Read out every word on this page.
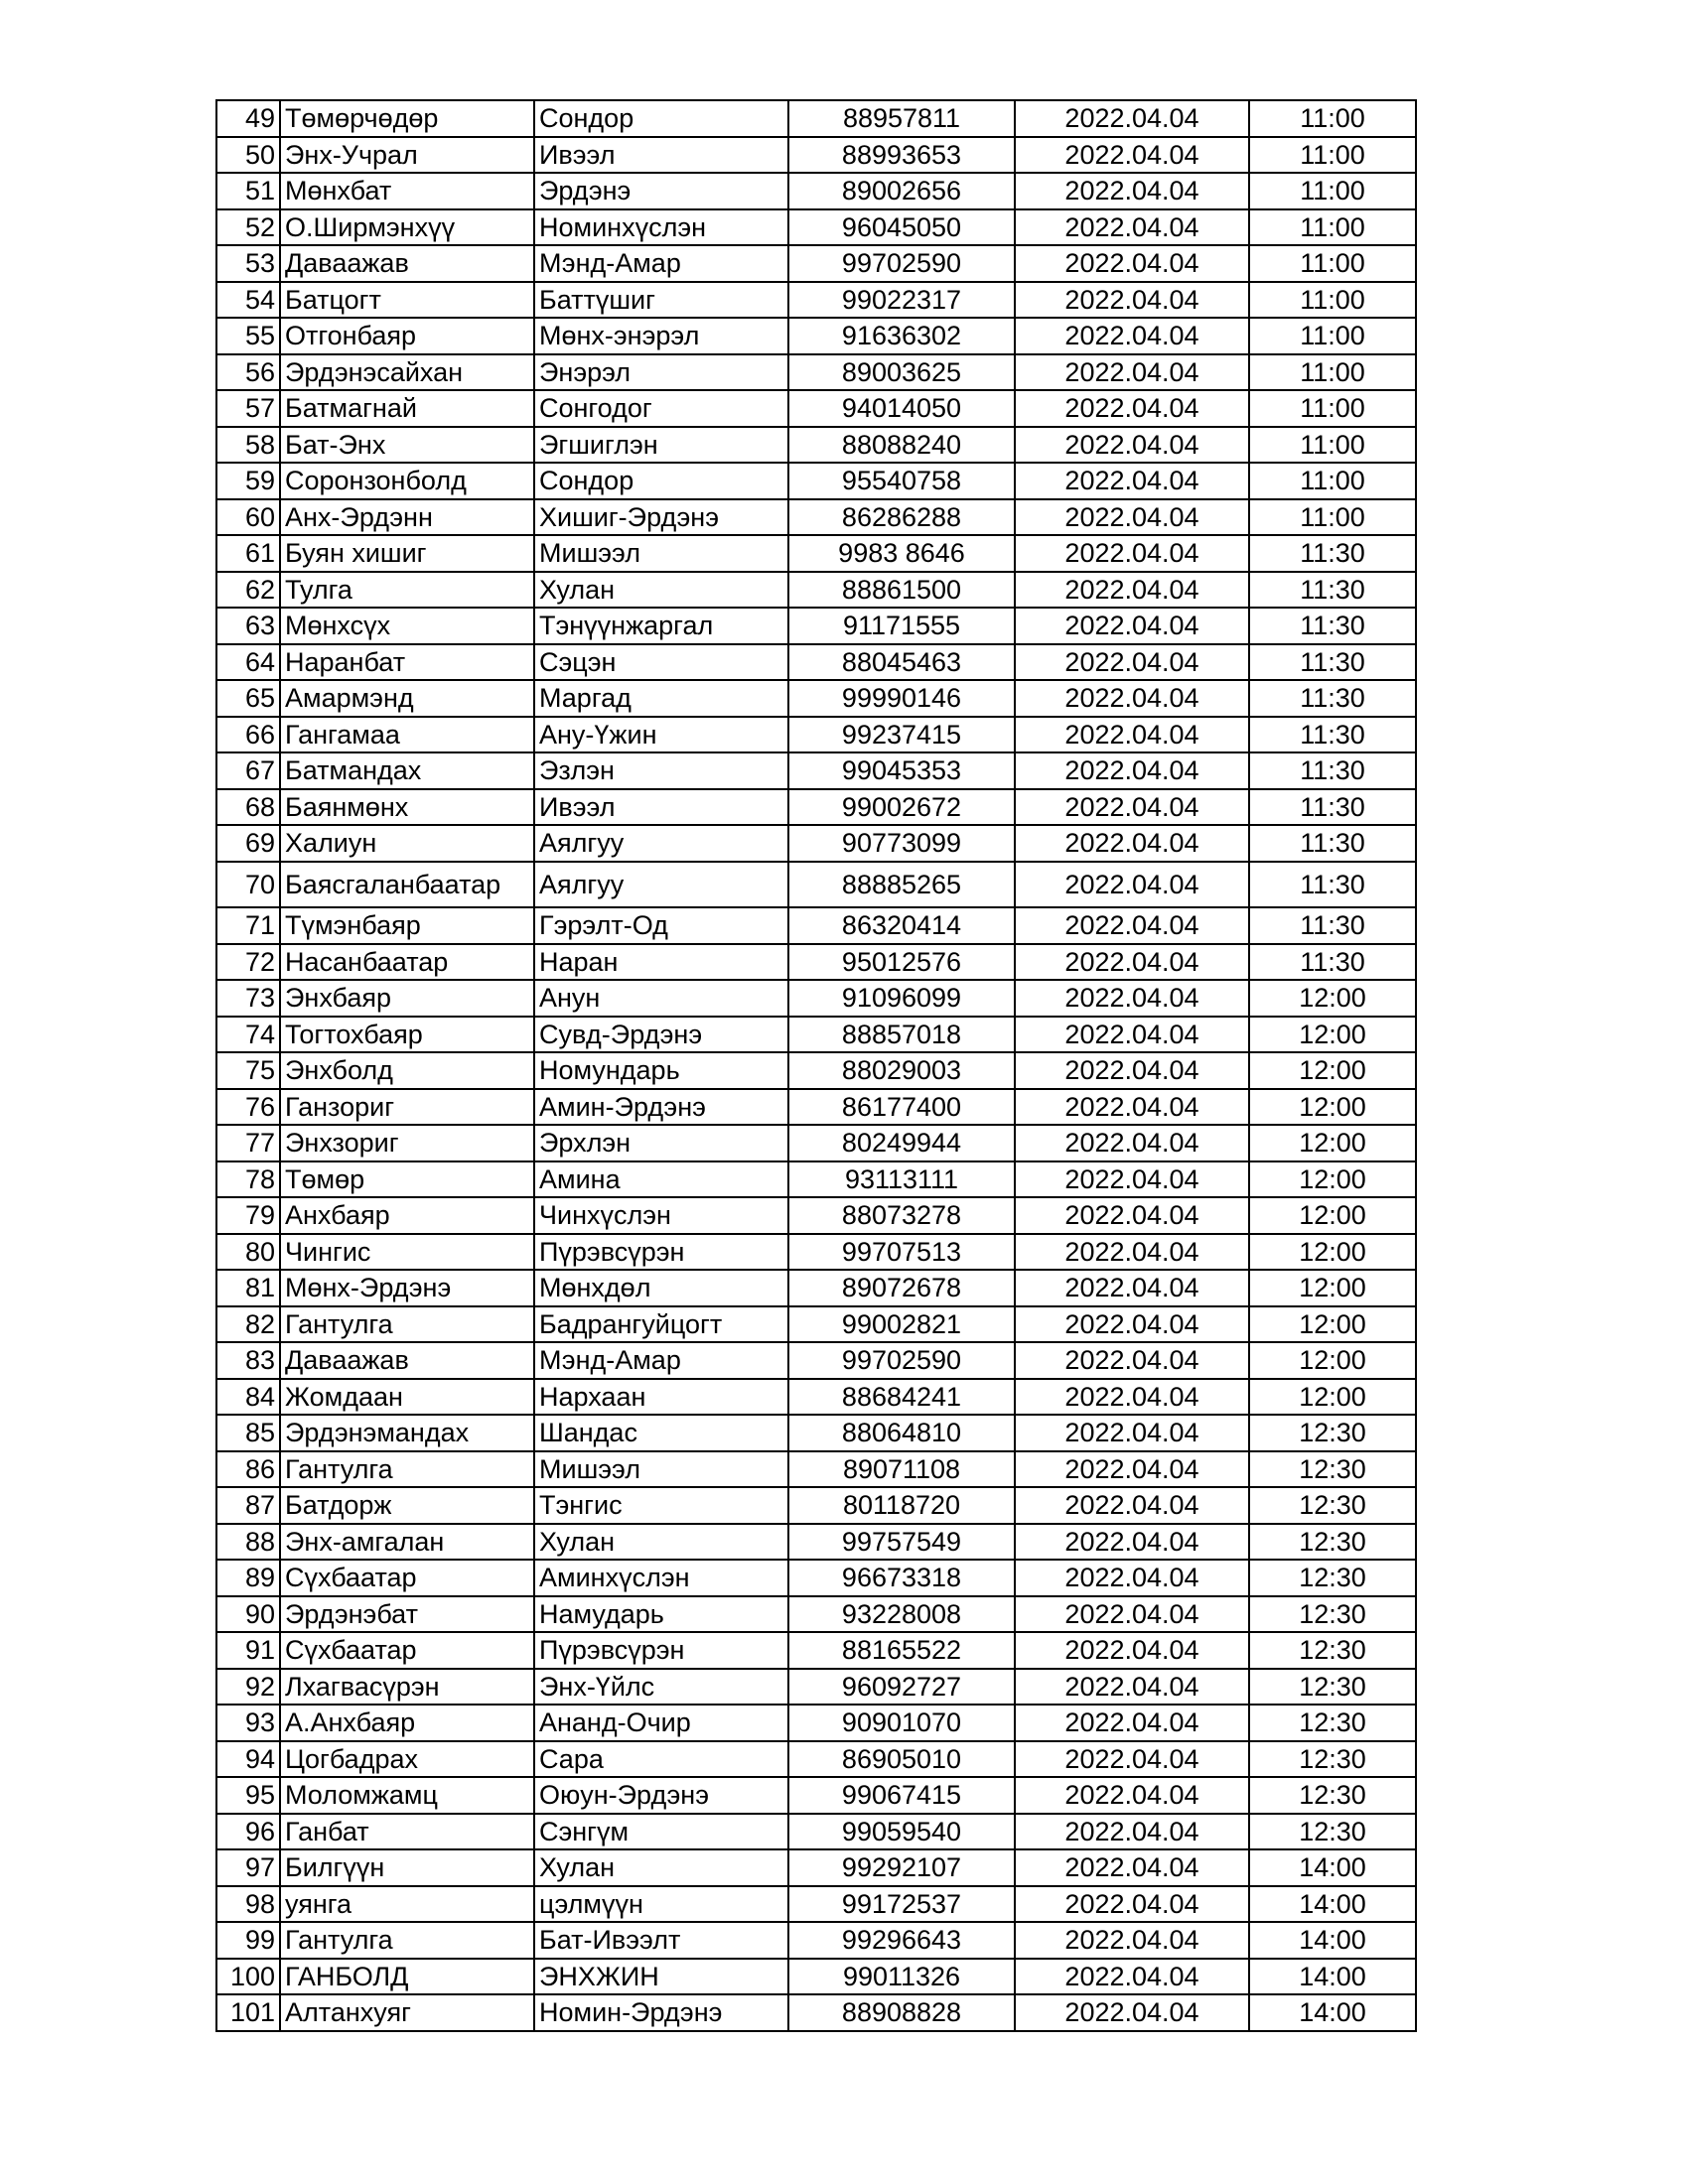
49	Төмөрчөдөр	Сондор	88957811	2022.04.04	11:00
50	Энх-Учрал	Ивээл	88993653	2022.04.04	11:00
51	Мөнхбат	Эрдэнэ	89002656	2022.04.04	11:00
52	О.Ширмэнхүү	Номинхүслэн	96045050	2022.04.04	11:00
53	Даваажав	Мэнд-Амар	99702590	2022.04.04	11:00
54	Батцогт	Баттүшиг	99022317	2022.04.04	11:00
55	Отгонбаяр	Мөнх-энэрэл	91636302	2022.04.04	11:00
56	Эрдэнэсайхан	Энэрэл	89003625	2022.04.04	11:00
57	Батмагнай	Сонгодог	94014050	2022.04.04	11:00
58	Бат-Энх	Эгшиглэн	88088240	2022.04.04	11:00
59	Соронзонболд	Сондор	95540758	2022.04.04	11:00
60	Анх-Эрдэнн	Хишиг-Эрдэнэ	86286288	2022.04.04	11:00
61	Буян хишиг	Мишээл	9983 8646	2022.04.04	11:30
62	Тулга	Хулан	88861500	2022.04.04	11:30
63	Мөнхсүх	Тэнүүнжаргал	91171555	2022.04.04	11:30
64	Наранбат	Сэцэн	88045463	2022.04.04	11:30
65	Амармэнд	Маргад	99990146	2022.04.04	11:30
66	Гангамаа	Ану-Үжин	99237415	2022.04.04	11:30
67	Батмандах	Эзлэн	99045353	2022.04.04	11:30
68	Баянмөнх	Ивээл	99002672	2022.04.04	11:30
69	Халиун	Аялгуу	90773099	2022.04.04	11:30
70	Баясгаланбаатар	Аялгуу	88885265	2022.04.04	11:30
71	Түмэнбаяр	Гэрэлт-Од	86320414	2022.04.04	11:30
72	Насанбаатар	Наран	95012576	2022.04.04	11:30
73	Энхбаяр	Анун	91096099	2022.04.04	12:00
74	Тогтохбаяр	Сувд-Эрдэнэ	88857018	2022.04.04	12:00
75	Энхболд	Номундарь	88029003	2022.04.04	12:00
76	Ганзориг	Амин-Эрдэнэ	86177400	2022.04.04	12:00
77	Энхзориг	Эрхлэн	80249944	2022.04.04	12:00
78	Төмөр	Амина	93113111	2022.04.04	12:00
79	Анхбаяр	Чинхүслэн	88073278	2022.04.04	12:00
80	Чингис	Пүрэвсүрэн	99707513	2022.04.04	12:00
81	Мөнх-Эрдэнэ	Мөнхдөл	89072678	2022.04.04	12:00
82	Гантулга	Бадрангуйцогт	99002821	2022.04.04	12:00
83	Даваажав	Мэнд-Амар	99702590	2022.04.04	12:00
84	Жомдаан	Нархаан	88684241	2022.04.04	12:00
85	Эрдэнэмандах	Шандас	88064810	2022.04.04	12:30
86	Гантулга	Мишээл	89071108	2022.04.04	12:30
87	Батдорж	Тэнгис	80118720	2022.04.04	12:30
88	Энх-амгалан	Хулан	99757549	2022.04.04	12:30
89	Сүхбаатар	Аминхүслэн	96673318	2022.04.04	12:30
90	Эрдэнэбат	Намударь	93228008	2022.04.04	12:30
91	Сүхбаатар	Пүрэвсүрэн	88165522	2022.04.04	12:30
92	Лхагвасүрэн	Энх-Үйлс	96092727	2022.04.04	12:30
93	А.Анхбаяр	Ананд-Очир	90901070	2022.04.04	12:30
94	Цогбадрах	Сара	86905010	2022.04.04	12:30
95	Моломжамц	Оюун-Эрдэнэ	99067415	2022.04.04	12:30
96	Ганбат	Сэнгүм	99059540	2022.04.04	12:30
97	Билгүүн	Хулан	99292107	2022.04.04	14:00
98	уянга	цэлмүүн	99172537	2022.04.04	14:00
99	Гантулга	Бат-Ивээлт	99296643	2022.04.04	14:00
100	ГАНБОЛД	ЭНХЖИН	99011326	2022.04.04	14:00
101	Алтанхуяг	Номин-Эрдэнэ	88908828	2022.04.04	14:00
